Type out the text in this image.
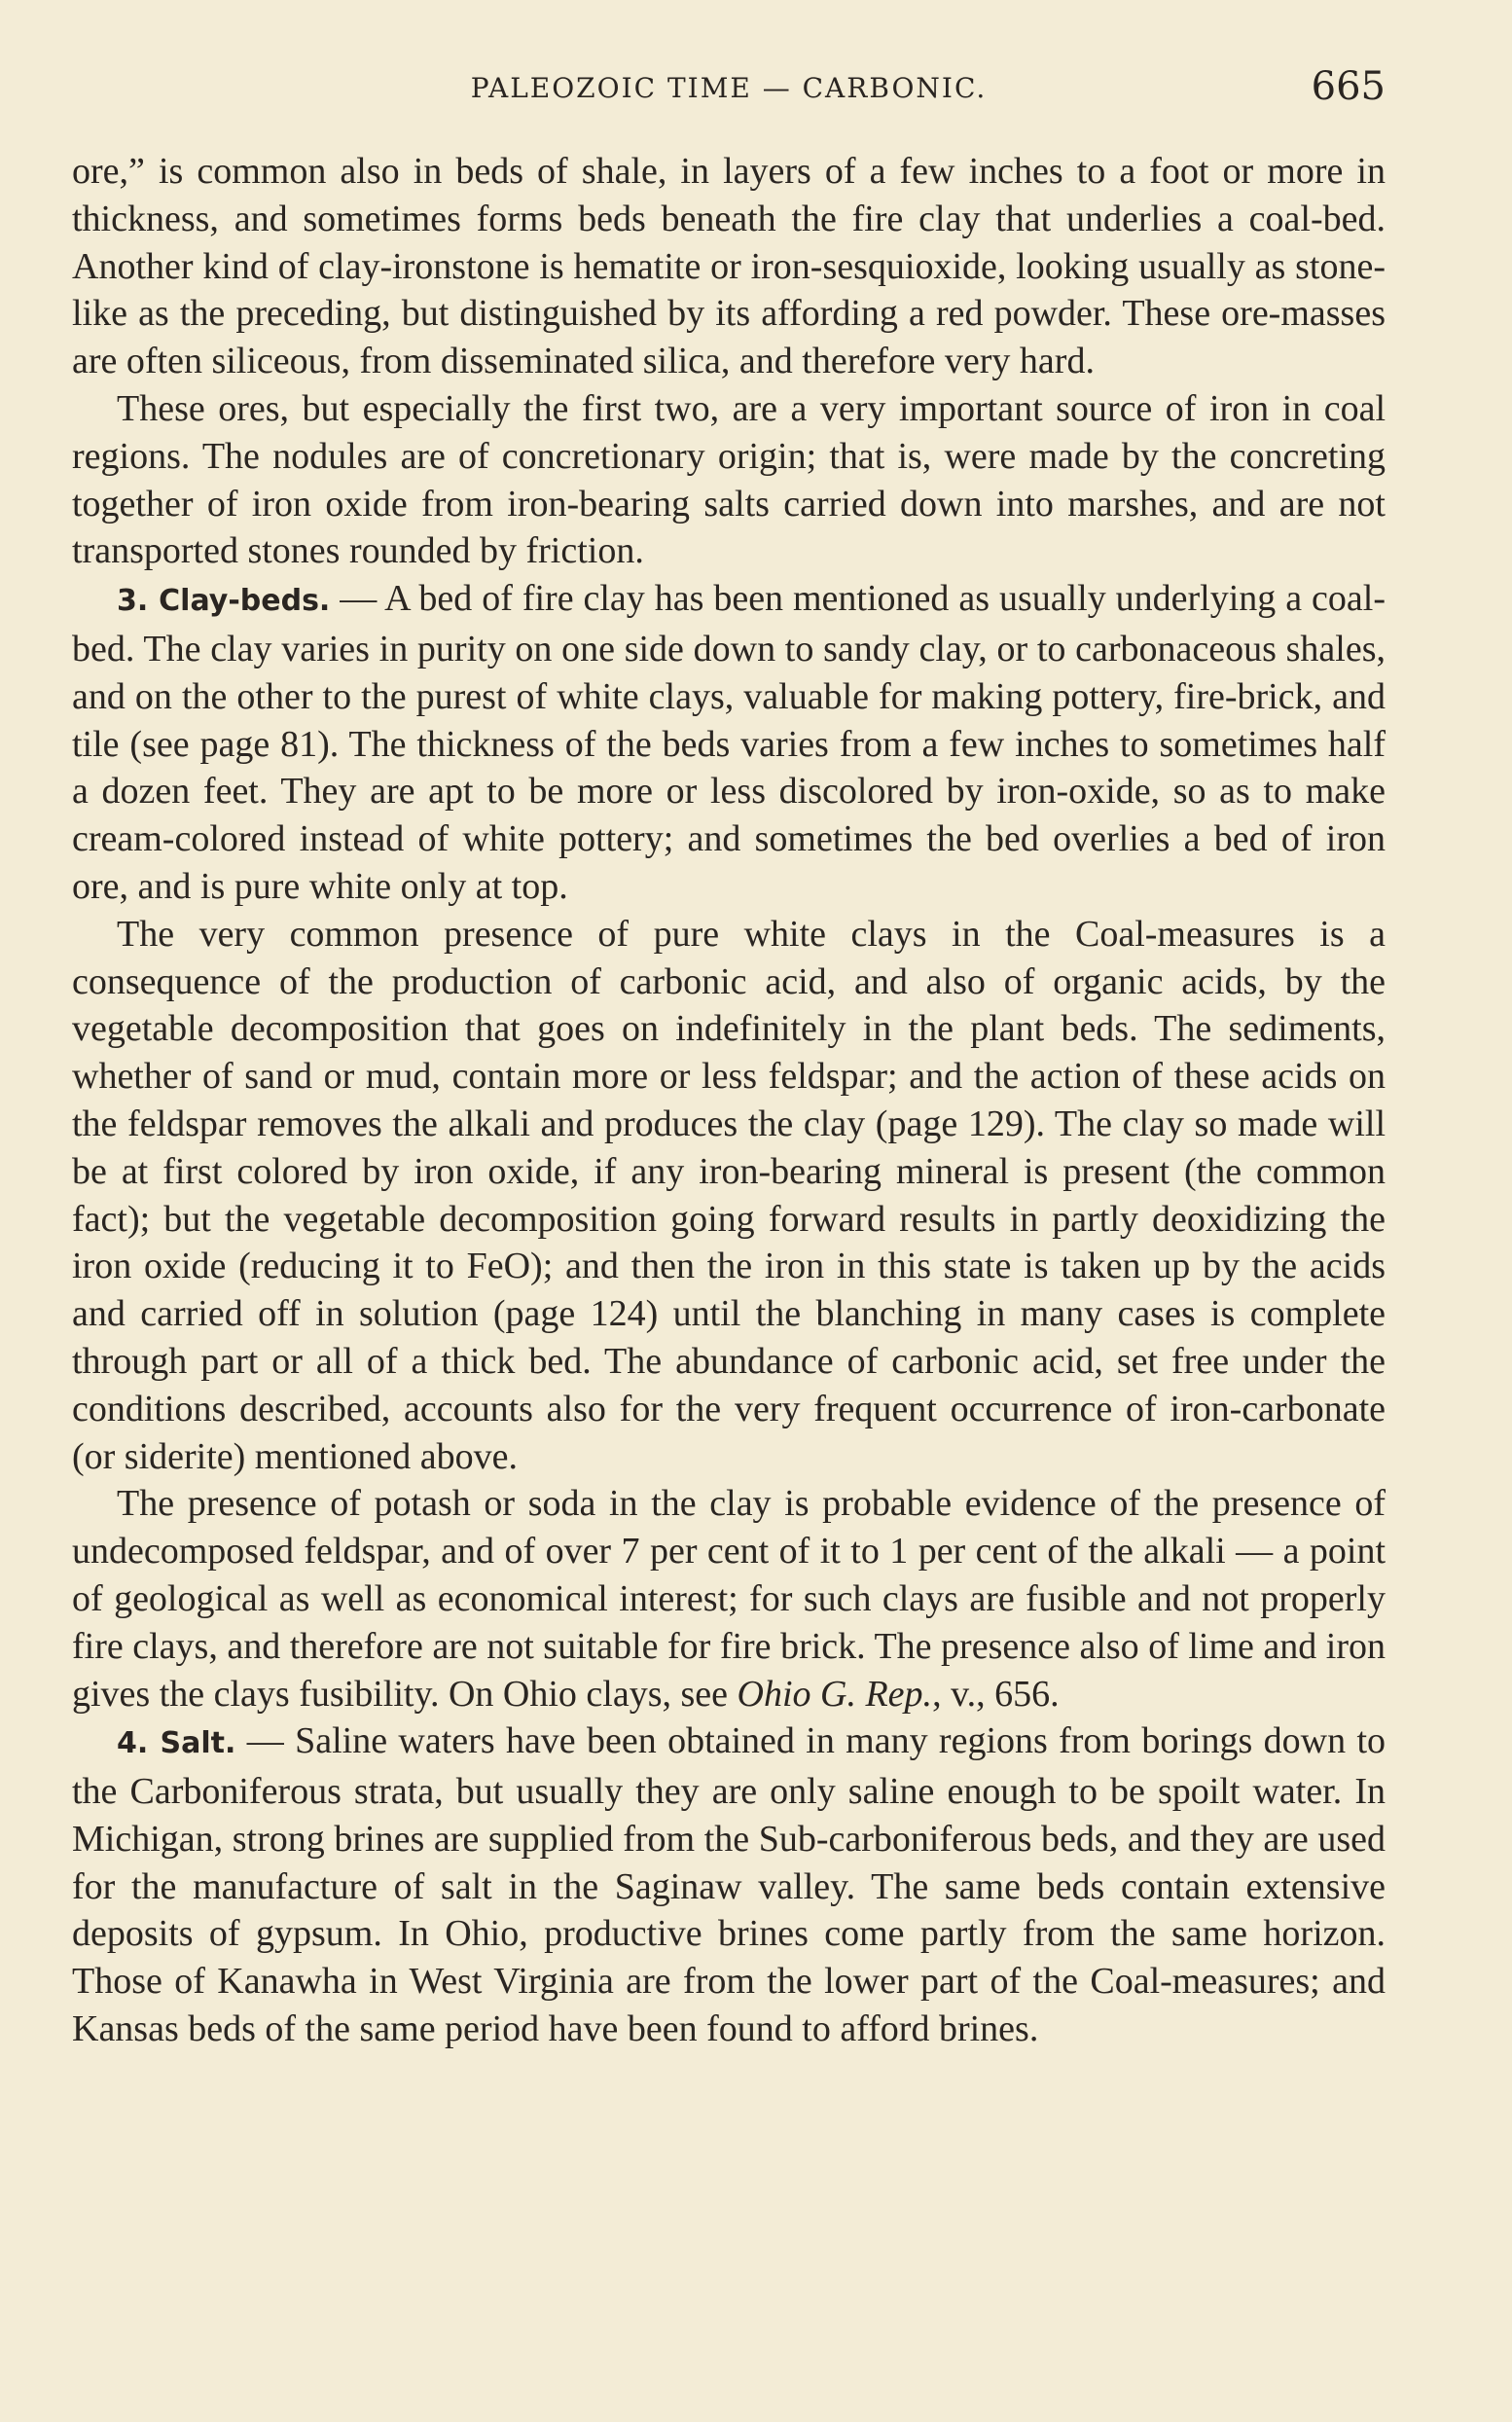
PALEOZOIC TIME — CARBONIC.	665

ore,” is common also in beds of shale, in layers of a few inches to a foot or more in thickness, and sometimes forms beds beneath the fire clay that underlies a coal-bed. Another kind of clay-ironstone is hematite or iron-sesquioxide, looking usually as stone-like as the preceding, but distinguished by its affording a red powder. These ore-masses are often siliceous, from disseminated silica, and therefore very hard.

These ores, but especially the first two, are a very important source of iron in coal regions. The nodules are of concretionary origin; that is, were made by the concreting together of iron oxide from iron-bearing salts carried down into marshes, and are not transported stones rounded by friction.

3. Clay-beds. — A bed of fire clay has been mentioned as usually underlying a coal-bed. The clay varies in purity on one side down to sandy clay, or to carbonaceous shales, and on the other to the purest of white clays, valuable for making pottery, fire-brick, and tile (see page 81). The thickness of the beds varies from a few inches to sometimes half a dozen feet. They are apt to be more or less discolored by iron-oxide, so as to make cream-colored instead of white pottery; and sometimes the bed overlies a bed of iron ore, and is pure white only at top.

The very common presence of pure white clays in the Coal-measures is a consequence of the production of carbonic acid, and also of organic acids, by the vegetable decomposition that goes on indefinitely in the plant beds. The sediments, whether of sand or mud, contain more or less feldspar; and the action of these acids on the feldspar removes the alkali and produces the clay (page 129). The clay so made will be at first colored by iron oxide, if any iron-bearing mineral is present (the common fact); but the vegetable decomposition going forward results in partly deoxidizing the iron oxide (reducing it to FeO); and then the iron in this state is taken up by the acids and carried off in solution (page 124) until the blanching in many cases is complete through part or all of a thick bed. The abundance of carbonic acid, set free under the conditions described, accounts also for the very frequent occurrence of iron-carbonate (or siderite) mentioned above.

The presence of potash or soda in the clay is probable evidence of the presence of undecomposed feldspar, and of over 7 per cent of it to 1 per cent of the alkali — a point of geological as well as economical interest; for such clays are fusible and not properly fire clays, and therefore are not suitable for fire brick. The presence also of lime and iron gives the clays fusibility. On Ohio clays, see Ohio G. Rep., v., 656.

4. Salt. — Saline waters have been obtained in many regions from borings down to the Carboniferous strata, but usually they are only saline enough to be spoilt water. In Michigan, strong brines are supplied from the Sub-carboniferous beds, and they are used for the manufacture of salt in the Saginaw valley. The same beds contain extensive deposits of gypsum. In Ohio, productive brines come partly from the same horizon. Those of Kanawha in West Virginia are from the lower part of the Coal-measures; and Kansas beds of the same period have been found to afford brines.
